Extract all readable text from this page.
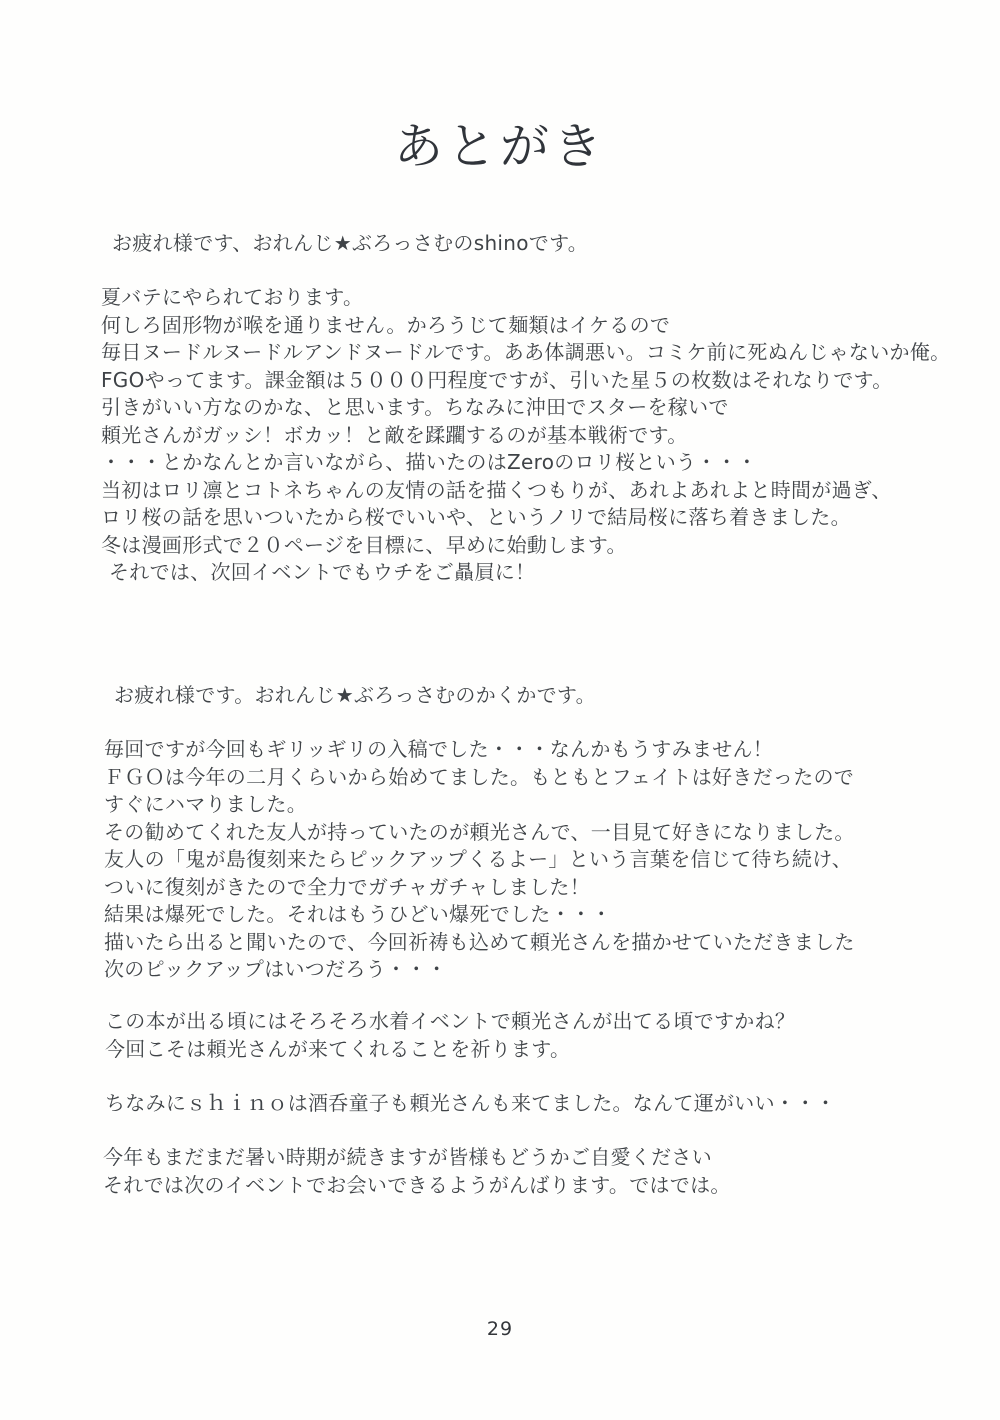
あとがき

お疲れ様です、おれんじ★ぶろっさむのshinoです。

夏バテにやられております。

何しろ固形物が喉を通りません。かろうじて麺類はイケるので

毎日ヌードルヌードルアンドヌードルです。ああ体調悪い。コミケ前に死ぬんじゃないか俺。

FGOやってます。課金額は５０００円程度ですが、引いた星５の枚数はそれなりです。

引きがいい方なのかな、と思います。ちなみに沖田でスターを稼いで

頼光さんがガッシ！ボカッ！と敵を蹂躙するのが基本戦術です。

・・・とかなんとか言いながら、描いたのはZeroのロリ桜という・・・

当初はロリ凛とコトネちゃんの友情の話を描くつもりが、あれよあれよと時間が過ぎ、

ロリ桜の話を思いついたから桜でいいや、というノリで結局桜に落ち着きました。

冬は漫画形式で２０ページを目標に、早めに始動します。

それでは、次回イベントでもウチをご贔屓に！

お疲れ様です。おれんじ★ぶろっさむのかくかです。

毎回ですが今回もギリッギリの入稿でした・・・なんかもうすみません！

ＦＧＯは今年の二月くらいから始めてました。もともとフェイトは好きだったので

すぐにハマりました。

その勧めてくれた友人が持っていたのが頼光さんで、一目見て好きになりました。

友人の「鬼が島復刻来たらピックアップくるよー」という言葉を信じて待ち続け、

ついに復刻がきたので全力でガチャガチャしました！

結果は爆死でした。それはもうひどい爆死でした・・・

描いたら出ると聞いたので、今回祈祷も込めて頼光さんを描かせていただきました

次のピックアップはいつだろう・・・

この本が出る頃にはそろそろ水着イベントで頼光さんが出てる頃ですかね？

今回こそは頼光さんが来てくれることを祈ります。

ちなみにｓｈｉｎｏは酒呑童子も頼光さんも来てました。なんて運がいい・・・

今年もまだまだ暑い時期が続きますが皆様もどうかご自愛ください

それでは次のイベントでお会いできるようがんばります。ではでは。

29
